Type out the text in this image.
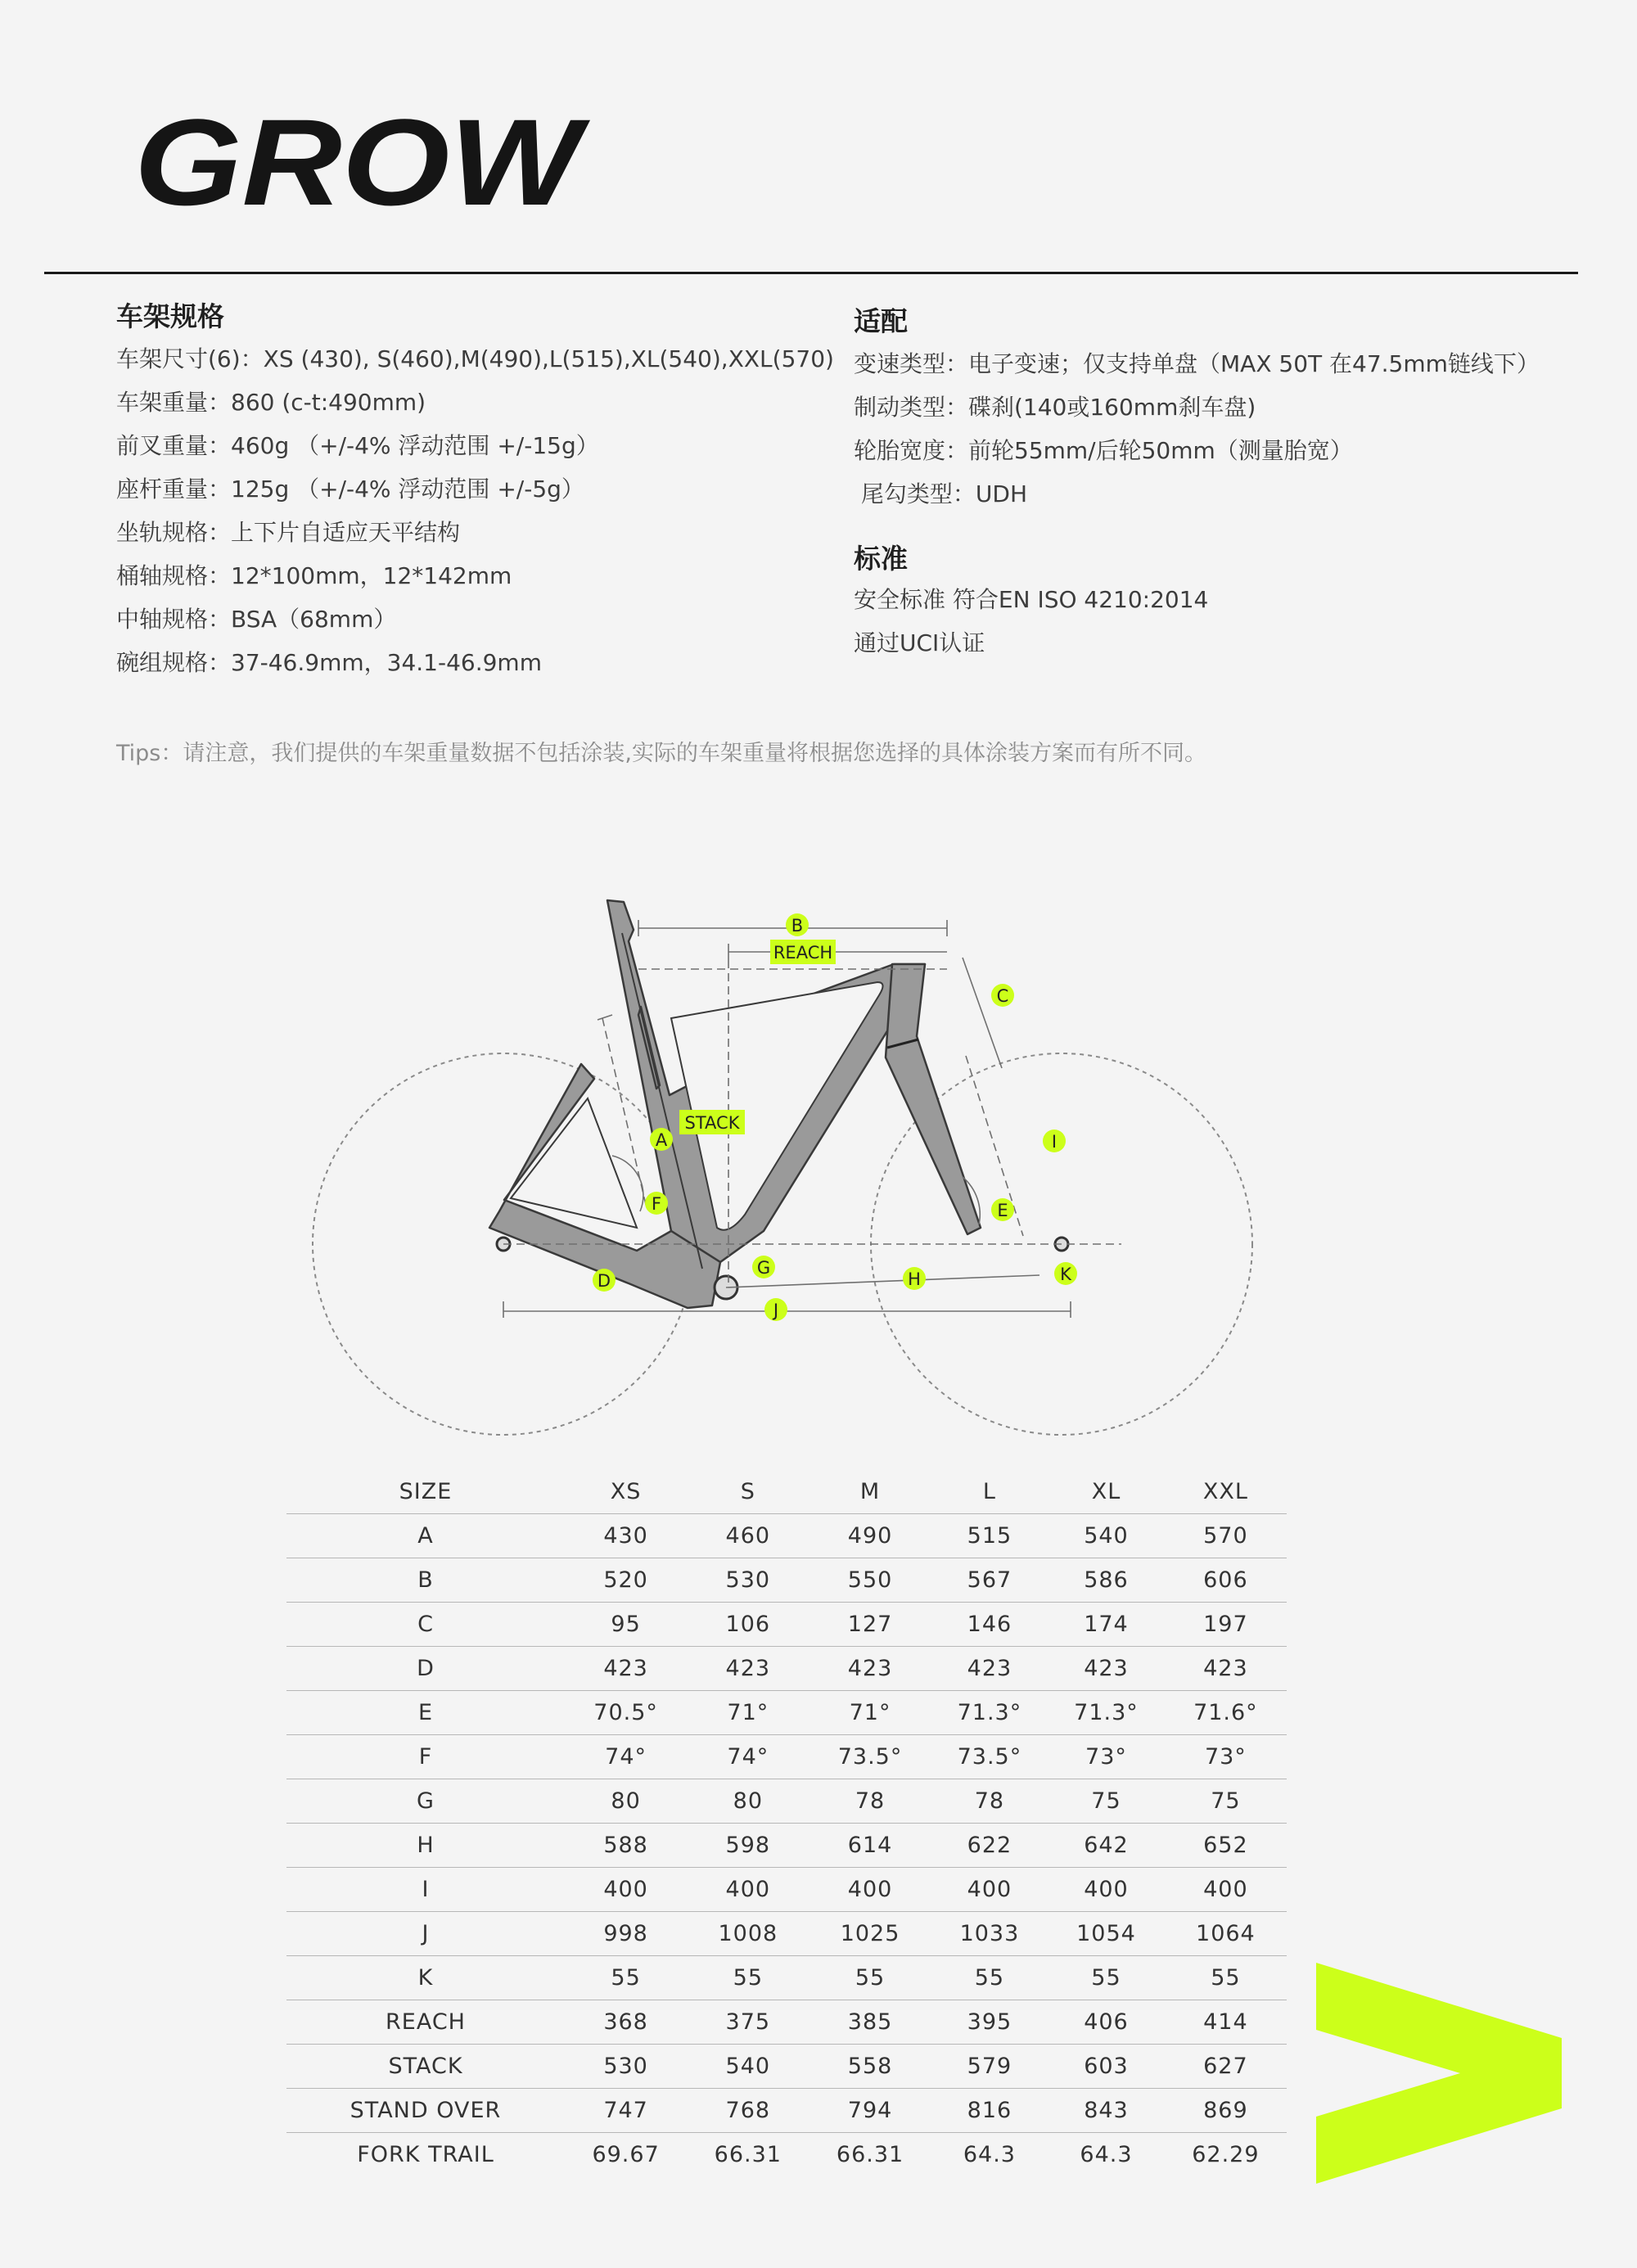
GROW
车架规格
车架尺寸(6)：XS (430), S(460),M(490),L(515),XL(540),XXL(570)
车架重量：860 (c-t:490mm)
前叉重量：460g （+/-4% 浮动范围 +/-15g）
座杆重量：125g （+/-4% 浮动范围 +/-5g）
坐轨规格：上下片自适应天平结构
桶轴规格：12*100mm，12*142mm
中轴规格：BSA（68mm）
碗组规格：37-46.9mm，34.1-46.9mm
适配
变速类型：电子变速；仅支持单盘（MAX 50T 在47.5mm链线下）
制动类型：碟刹(140或160mm刹车盘)
轮胎宽度：前轮55mm/后轮50mm（测量胎宽）
尾勾类型：UDH
标准
安全标准 符合EN ISO 4210:2014
通过UCI认证
Tips：请注意，我们提供的车架重量数据不包括涂装,实际的车架重量将根据您选择的具体涂装方案而有所不同。
B
REACH
C
STACK
A	I
F	E
G	K
D	H
J
SIZE	XS	S	M	L	XL	XXL
A	430	460	490	515	540	570
B	520	530	550	567	586	606
C	95	106	127	146	174	197
D	423	423	423	423	423	423
E	70.5°	71°	71°	71.3°	71.3°	71.6°
F	74°	74°	73.5°	73.5°	73°	73°
G	80	80	78	78	75	75
H	588	598	614	622	642	652
I	400	400	400	400	400	400
J	998	1008	1025	1033	1054	1064
K	55	55	55	55	55	55
REACH	368	375	385	395	406	414
STACK	530	540	558	579	603	627
STAND OVER	747	768	794	816	843	869
FORK TRAIL	69.67	66.31	66.31	64.3	64.3	62.29
